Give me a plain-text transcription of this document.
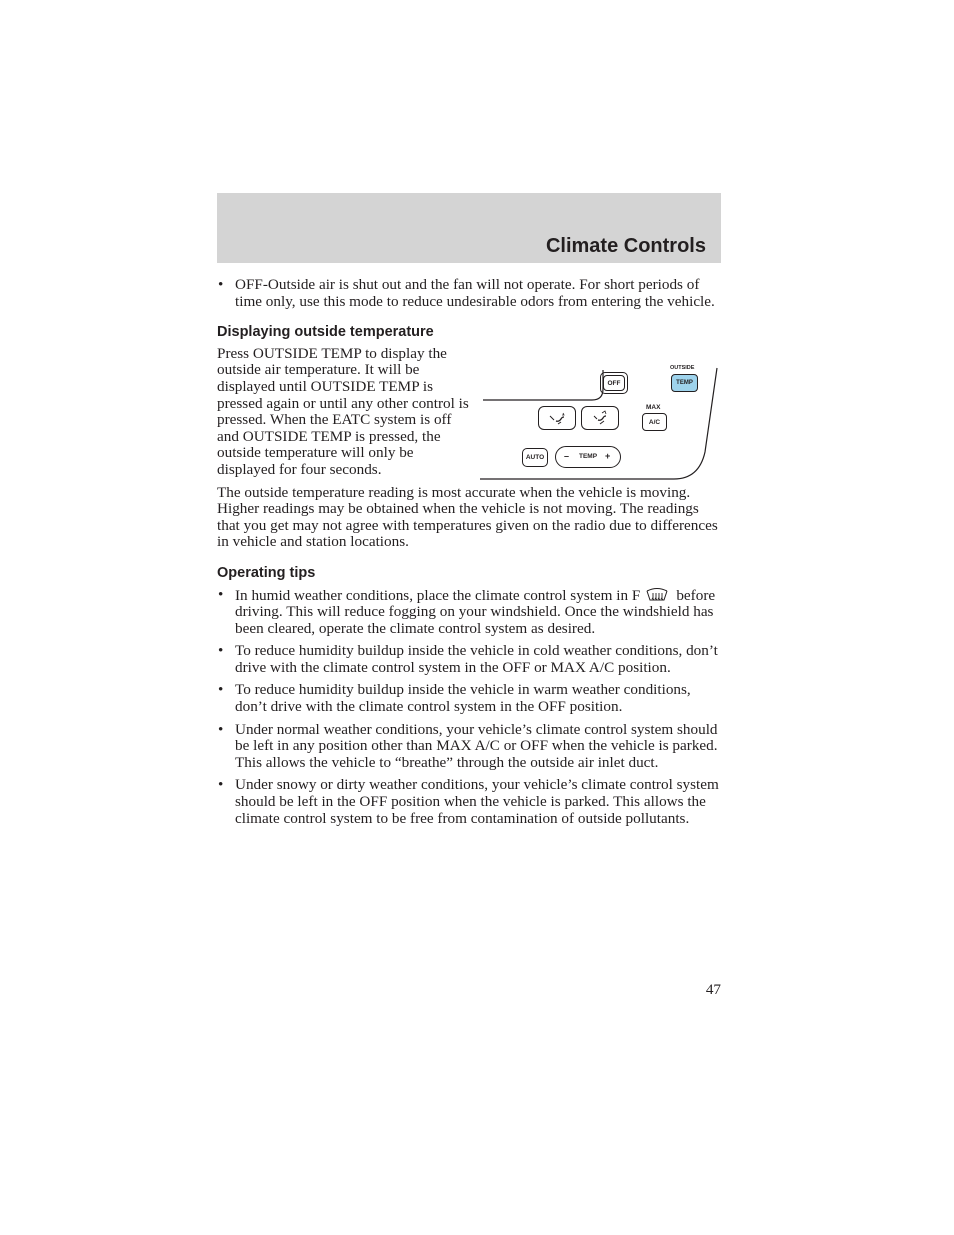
Climate Controls

• OFF-Outside air is shut out and the fan will not operate. For short periods of time only, use this mode to reduce undesirable odors from entering the vehicle.

Displaying outside temperature

Press OUTSIDE TEMP to display the outside air temperature. It will be displayed until OUTSIDE TEMP is pressed again or until any other control is pressed. When the EATC system is off and OUTSIDE TEMP is pressed, the outside temperature will only be displayed for four seconds.

The outside temperature reading is most accurate when the vehicle is moving. Higher readings may be obtained when the vehicle is not moving. The readings that you get may not agree with temperatures given on the radio due to differences in vehicle and station locations.

Operating tips

• In humid weather conditions, place the climate control system in F before driving. This will reduce fogging on your windshield. Once the windshield has been cleared, operate the climate control system as desired.

• To reduce humidity buildup inside the vehicle in cold weather conditions, don’t drive with the climate control system in the OFF or MAX A/C position.

• To reduce humidity buildup inside the vehicle in warm weather conditions, don’t drive with the climate control system in the OFF position.

• Under normal weather conditions, your vehicle’s climate control system should be left in any position other than MAX A/C or OFF when the vehicle is parked. This allows the vehicle to “breathe” through the outside air inlet duct.

• Under snowy or dirty weather conditions, your vehicle’s climate control system should be left in the OFF position when the vehicle is parked. This allows the climate control system to be free from contamination of outside pollutants.

OFF
OUTSIDE
TEMP
MAX
A/C
AUTO – TEMP +
47
